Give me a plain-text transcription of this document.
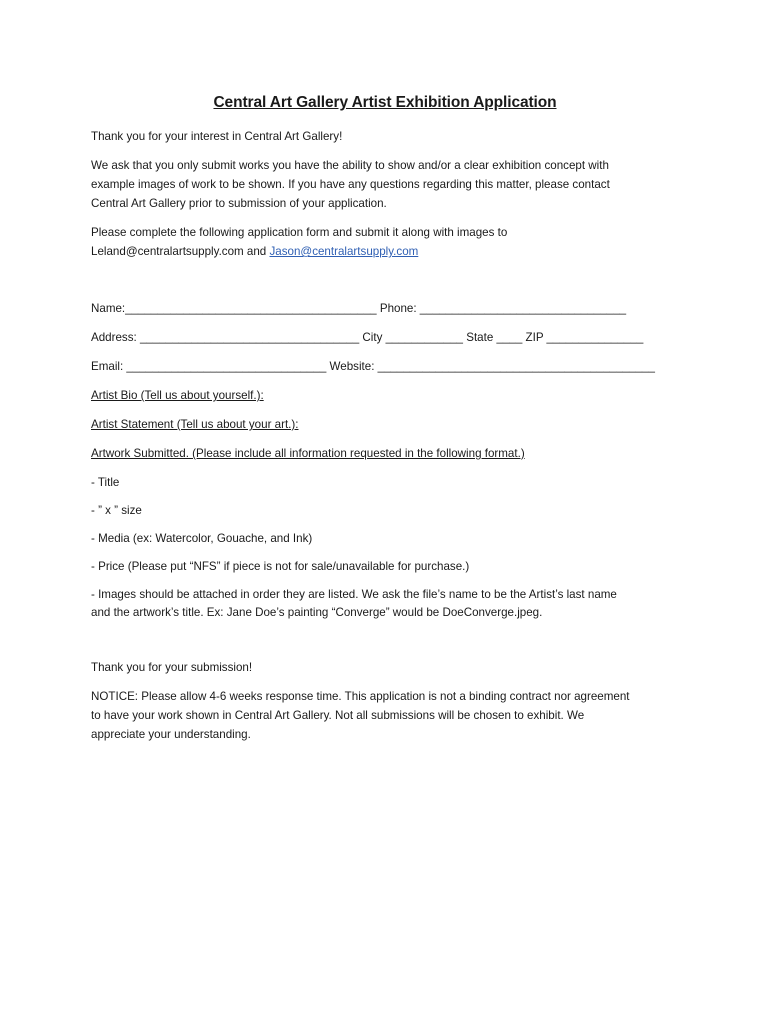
Central Art Gallery Artist Exhibition Application
Thank you for your interest in Central Art Gallery!
We ask that you only submit works you have the ability to show and/or a clear exhibition concept with
example images of work to be shown. If you have any questions regarding this matter, please contact
Central Art Gallery prior to submission of your application.
Please complete the following application form and submit it along with images to
Leland@centralartsupply.com and Jason@centralartsupply.com
Name:_______________________________________ Phone: ________________________________
Address: __________________________________ City ____________ State ____ ZIP _______________
Email: _______________________________ Website: ___________________________________________
Artist Bio (Tell us about yourself.):
Artist Statement (Tell us about your art.):
Artwork Submitted. (Please include all information requested in the following format.)
- Title
- ” x ” size
- Media (ex: Watercolor, Gouache, and Ink)
- Price (Please put “NFS” if piece is not for sale/unavailable for purchase.)
- Images should be attached in order they are listed. We ask the file’s name to be the Artist’s last name
and the artwork’s title. Ex: Jane Doe’s painting “Converge” would be DoeConverge.jpeg.
Thank you for your submission!
NOTICE: Please allow 4-6 weeks response time. This application is not a binding contract nor agreement
to have your work shown in Central Art Gallery. Not all submissions will be chosen to exhibit. We
appreciate your understanding.
